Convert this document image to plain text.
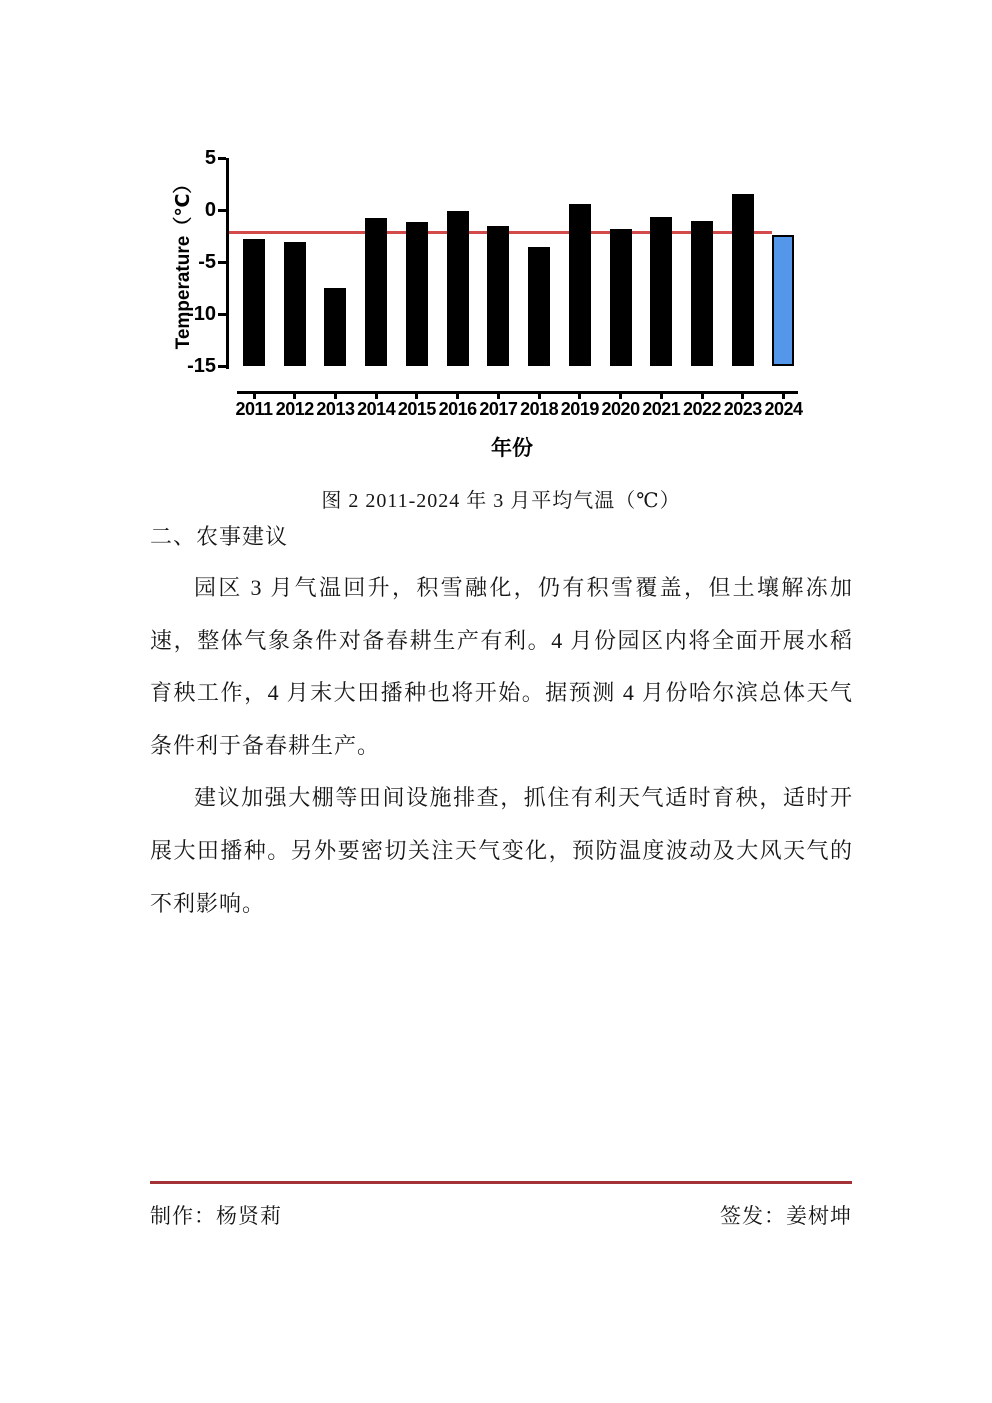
Temperature（℃）
年份
5
0
-5
-10
-15
2011 2012 2013 2014 2015 2016 2017 2018 2019 2020 2021 2022 2023 2024
图 2 2011-2024 年 3 月平均气温（℃）
二、农事建议

园区 3 月气温回升，积雪融化，仍有积雪覆盖，但土壤解冻加速，整体气象条件对备春耕生产有利。4 月份园区内将全面开展水稻育秧工作，4 月末大田播种也将开始。据预测 4 月份哈尔滨总体天气条件利于备春耕生产。

建议加强大棚等田间设施排查，抓住有利天气适时育秧，适时开展大田播种。另外要密切关注天气变化，预防温度波动及大风天气的不利影响。

制作：杨贤莉	签发：姜树坤
